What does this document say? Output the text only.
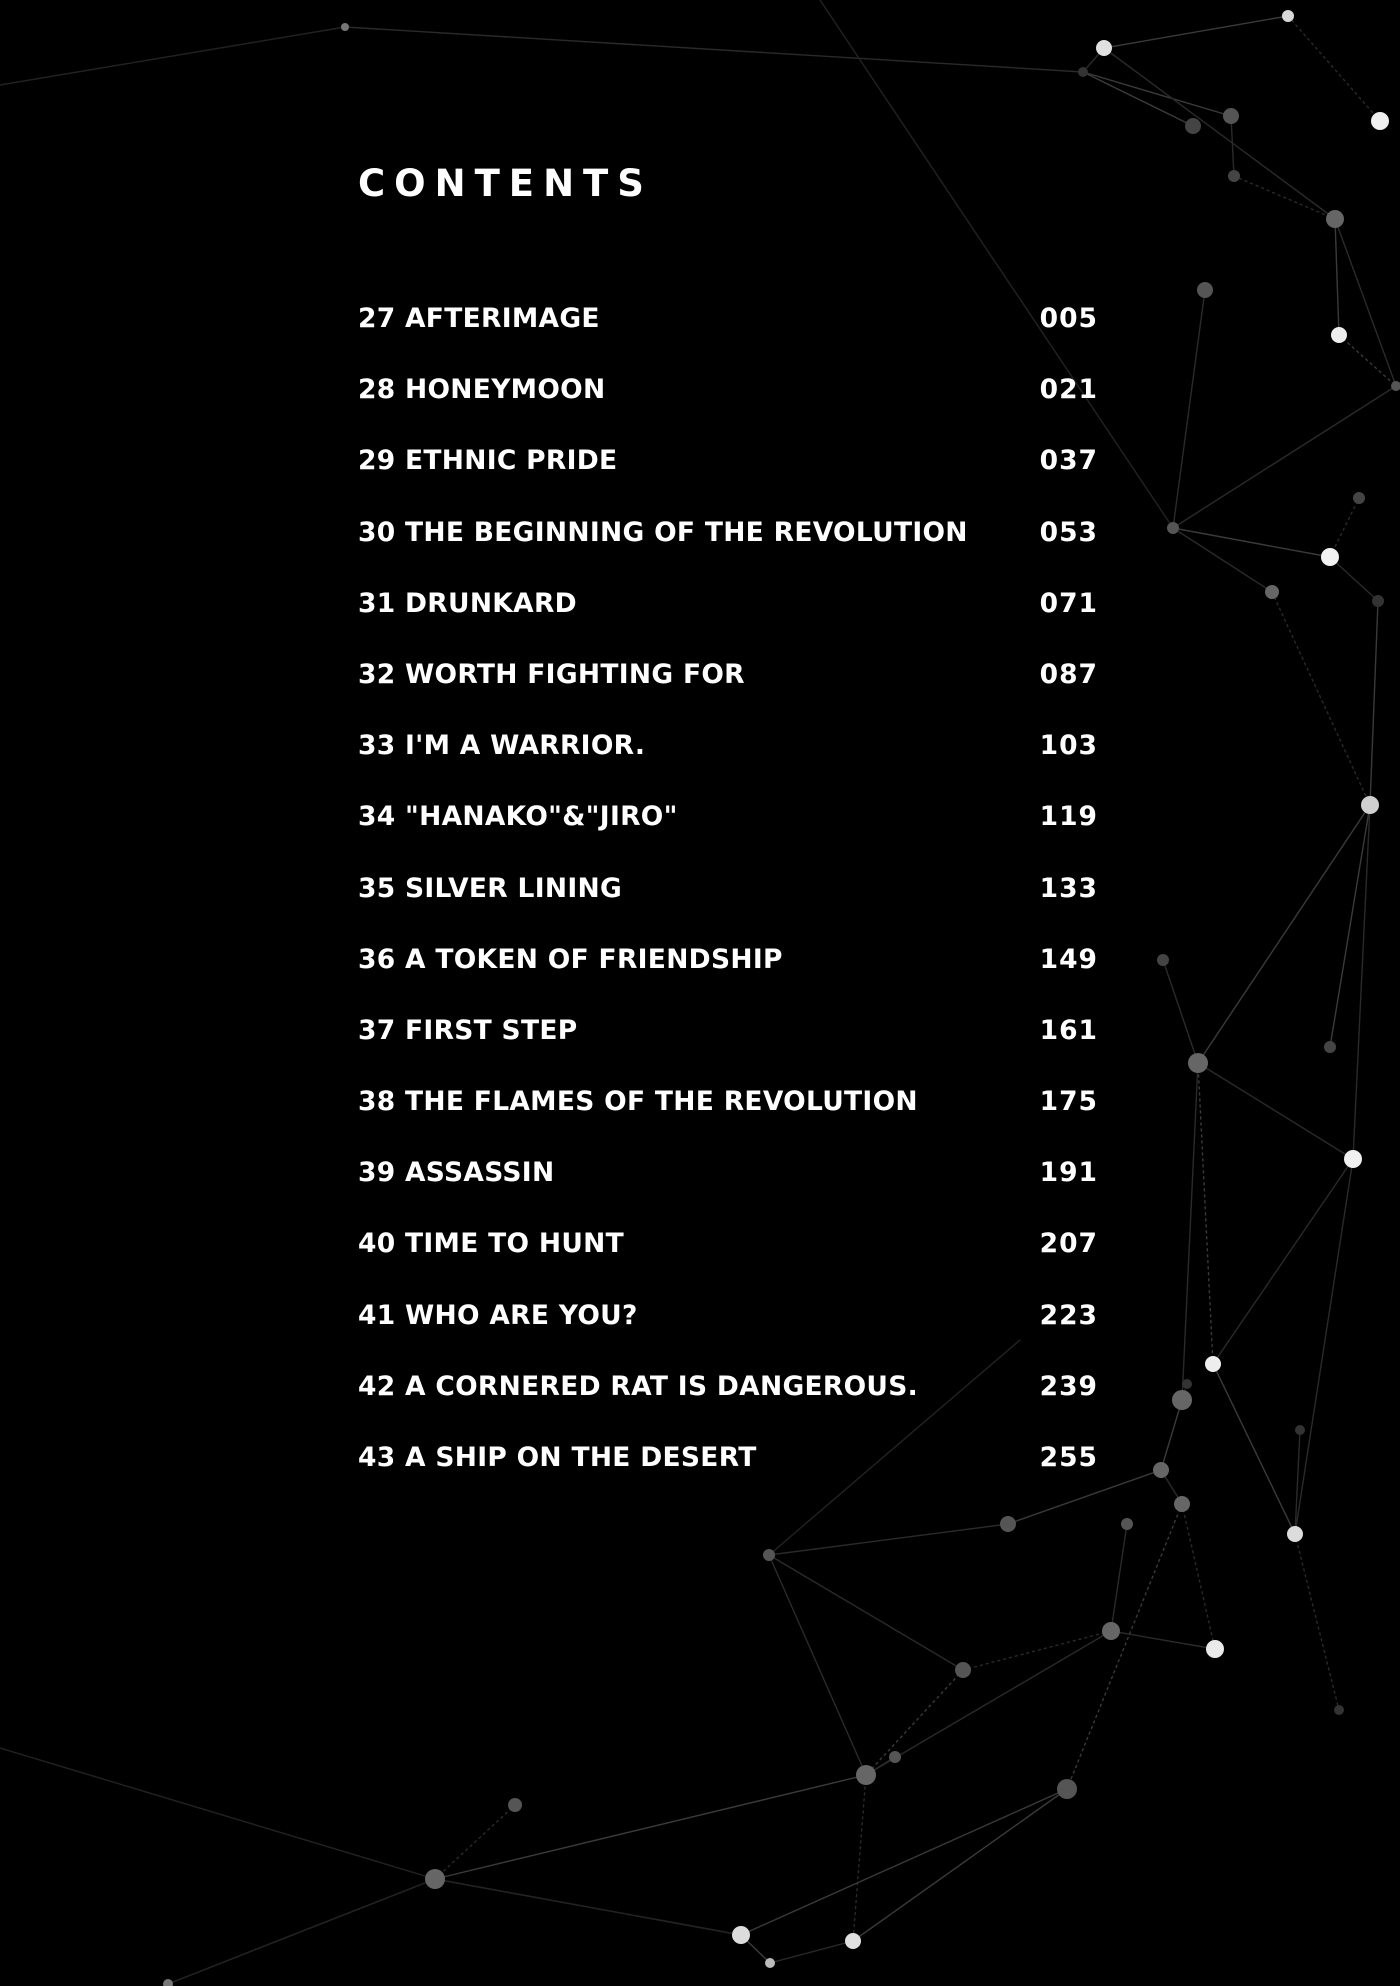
CONTENTS
27 AFTERIMAGE	005
28 HONEYMOON	021
29 ETHNIC PRIDE	037
30 THE BEGINNING OF THE REVOLUTION	053
31 DRUNKARD	071
32 WORTH FIGHTING FOR	087
33 I'M A WARRIOR.	103
34 "HANAKO"&"JIRO"	119
35 SILVER LINING	133
36 A TOKEN OF FRIENDSHIP	149
37 FIRST STEP	161
38 THE FLAMES OF THE REVOLUTION	175
39 ASSASSIN	191
40 TIME TO HUNT	207
41 WHO ARE YOU?	223
42 A CORNERED RAT IS DANGEROUS.	239
43 A SHIP ON THE DESERT	255
